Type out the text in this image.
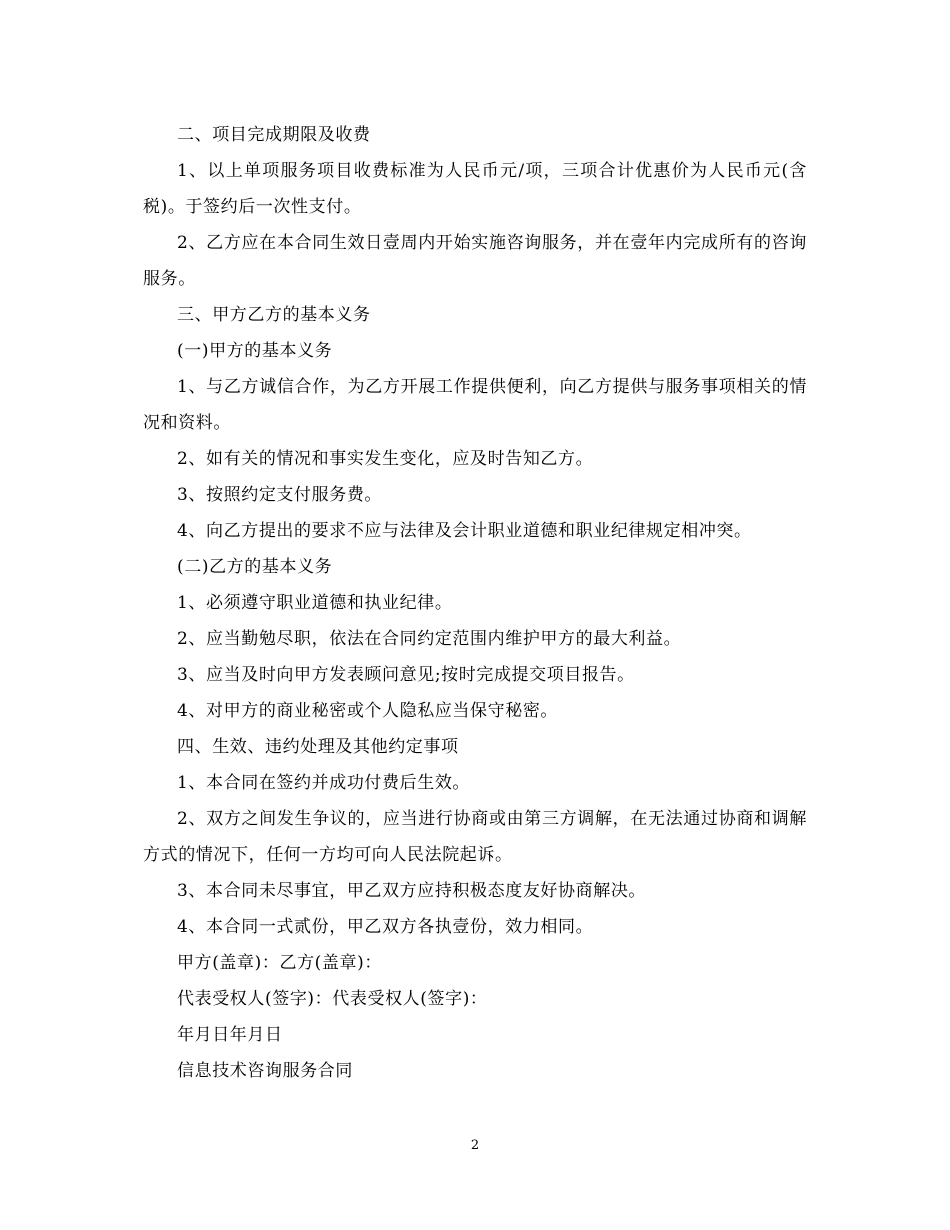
二、项目完成期限及收费

1、以上单项服务项目收费标准为人民币元/项，三项合计优惠价为人民币元(含税)。于签约后一次性支付。

2、乙方应在本合同生效日壹周内开始实施咨询服务，并在壹年内完成所有的咨询服务。

三、甲方乙方的基本义务

(一)甲方的基本义务

1、与乙方诚信合作，为乙方开展工作提供便利，向乙方提供与服务事项相关的情况和资料。

2、如有关的情况和事实发生变化，应及时告知乙方。

3、按照约定支付服务费。

4、向乙方提出的要求不应与法律及会计职业道德和职业纪律规定相冲突。

(二)乙方的基本义务

1、必须遵守职业道德和执业纪律。

2、应当勤勉尽职，依法在合同约定范围内维护甲方的最大利益。

3、应当及时向甲方发表顾问意见;按时完成提交项目报告。

4、对甲方的商业秘密或个人隐私应当保守秘密。

四、生效、违约处理及其他约定事项

1、本合同在签约并成功付费后生效。

2、双方之间发生争议的，应当进行协商或由第三方调解，在无法通过协商和调解方式的情况下，任何一方均可向人民法院起诉。

3、本合同未尽事宜，甲乙双方应持积极态度友好协商解决。

4、本合同一式贰份，甲乙双方各执壹份，效力相同。

甲方(盖章)：乙方(盖章)：

代表受权人(签字)：代表受权人(签字)：

年月日年月日

信息技术咨询服务合同

2
